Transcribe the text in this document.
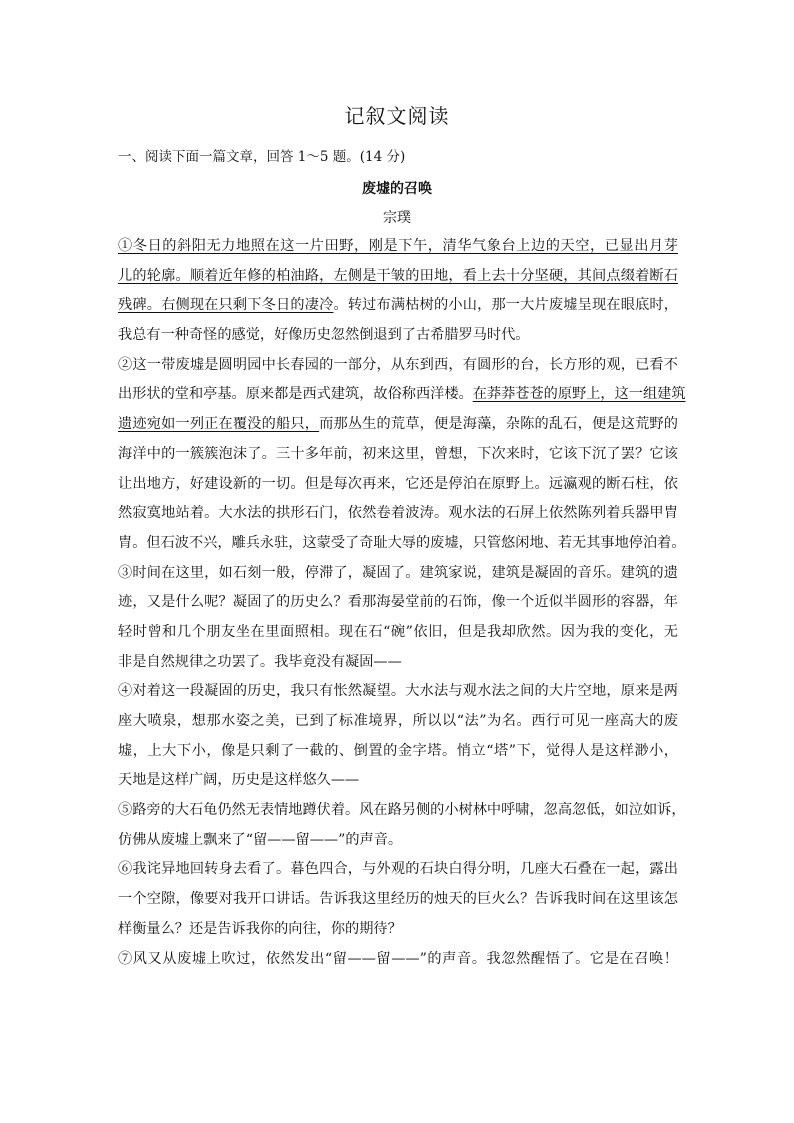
记叙文阅读
一、阅读下面一篇文章，回答 1～5 题。(14 分)
废墟的召唤
宗璞
①冬日的斜阳无力地照在这一片田野，刚是下午，清华气象台上边的天空，已显出月芽
儿的轮廓。顺着近年修的柏油路，左侧是干皱的田地，看上去十分坚硬，其间点缀着断石
残碑。右侧现在只剩下冬日的凄冷。转过布满枯树的小山，那一大片废墟呈现在眼底时，
我总有一种奇怪的感觉，好像历史忽然倒退到了古希腊罗马时代。
②这一带废墟是圆明园中长春园的一部分，从东到西，有圆形的台，长方形的观，已看不
出形状的堂和亭基。原来都是西式建筑，故俗称西洋楼。在莽莽苍苍的原野上，这一组建筑
遗迹宛如一列正在覆没的船只，而那丛生的荒草，便是海藻，杂陈的乱石，便是这荒野的
海洋中的一簇簇泡沫了。三十多年前，初来这里，曾想，下次来时，它该下沉了罢？它该
让出地方，好建设新的一切。但是每次再来，它还是停泊在原野上。远瀛观的断石柱，依
然寂寞地站着。大水法的拱形石门，依然卷着波涛。观水法的石屏上依然陈列着兵器甲胄
胄。但石波不兴，雕兵永驻，这蒙受了奇耻大辱的废墟，只管悠闲地、若无其事地停泊着。
③时间在这里，如石刻一般，停滞了，凝固了。建筑家说，建筑是凝固的音乐。建筑的遗
迹，又是什么呢？凝固了的历史么？看那海晏堂前的石饰，像一个近似半圆形的容器，年
轻时曾和几个朋友坐在里面照相。现在石“碗”依旧，但是我却欣然。因为我的变化，无
非是自然规律之功罢了。我毕竟没有凝固——
④对着这一段凝固的历史，我只有怅然凝望。大水法与观水法之间的大片空地，原来是两
座大喷泉，想那水姿之美，已到了标准境界，所以以“法”为名。西行可见一座高大的废
墟，上大下小，像是只剩了一截的、倒置的金字塔。悄立“塔”下，觉得人是这样渺小，
天地是这样广阔，历史是这样悠久——
⑤路旁的大石龟仍然无表情地蹲伏着。风在路另侧的小树林中呼啸，忽高忽低，如泣如诉，
仿佛从废墟上飘来了“留——留——”的声音。
⑥我诧异地回转身去看了。暮色四合，与外观的石块白得分明，几座大石叠在一起，露出
一个空隙，像要对我开口讲话。告诉我这里经历的烛天的巨火么？告诉我时间在这里该怎
样衡量么？还是告诉我你的向往，你的期待？
⑦风又从废墟上吹过，依然发出“留——留——”的声音。我忽然醒悟了。它是在召唤！
